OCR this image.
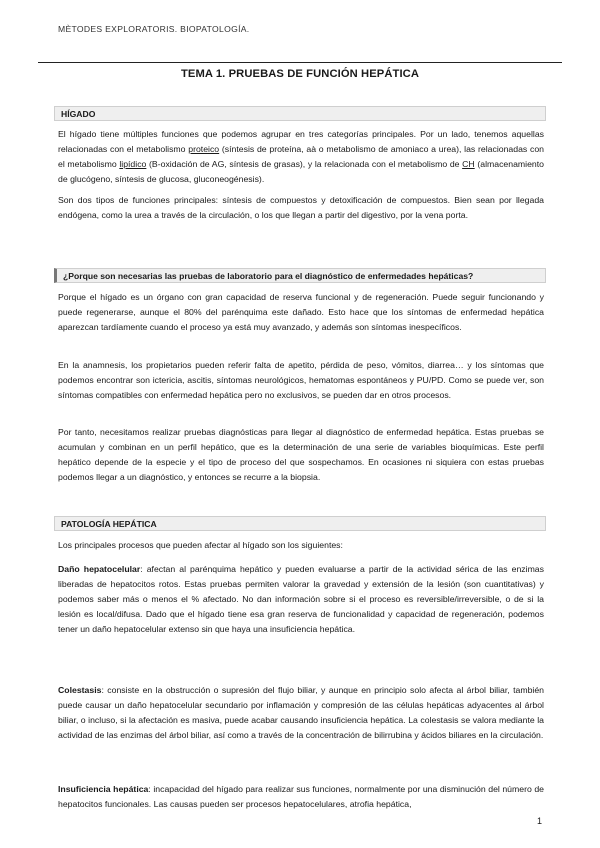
MÈTODES EXPLORATORIS. BIOPATOLOGÍA.
TEMA 1. PRUEBAS DE FUNCIÓN HEPÁTICA
HÍGADO

El hígado tiene múltiples funciones que podemos agrupar en tres categorías principales. Por un lado, tenemos aquellas relacionadas con el metabolismo proteico (síntesis de proteína, aà o metabolismo de amoniaco a urea), las relacionadas con el metabolismo lipídico (B-oxidación de AG, síntesis de grasas), y la relacionada con el metabolismo de CH (almacenamiento de glucógeno, síntesis de glucosa, gluconeogénesis).

Son dos tipos de funciones principales: síntesis de compuestos y detoxificación de compuestos. Bien sean por llegada endógena, como la urea a través de la circulación, o los que llegan a partir del digestivo, por la vena porta.

¿Porque son necesarias las pruebas de laboratorio para el diagnóstico de enfermedades hepáticas?

Porque el hígado es un órgano con gran capacidad de reserva funcional y de regeneración. Puede seguir funcionando y puede regenerarse, aunque el 80% del parénquima este dañado. Esto hace que los síntomas de enfermedad hepática aparezcan tardíamente cuando el proceso ya está muy avanzado, y además son síntomas inespecíficos.

En la anamnesis, los propietarios pueden referir falta de apetito, pérdida de peso, vómitos, diarrea… y los síntomas que podemos encontrar son ictericia, ascitis, síntomas neurológicos, hematomas espontáneos y PU/PD. Como se puede ver, son síntomas compatibles con enfermedad hepática pero no exclusivos, se pueden dar en otros procesos.

Por tanto, necesitamos realizar pruebas diagnósticas para llegar al diagnóstico de enfermedad hepática. Estas pruebas se acumulan y combinan en un perfil hepático, que es la determinación de una serie de variables bioquímicas. Este perfil hepático depende de la especie y el tipo de proceso del que sospechamos. En ocasiones ni siquiera con estas pruebas podemos llegar a un diagnóstico, y entonces se recurre a la biopsia.

PATOLOGÍA HEPÁTICA

Los principales procesos que pueden afectar al hígado son los siguientes:

Daño hepatocelular: afectan al parénquima hepático y pueden evaluarse a partir de la actividad sérica de las enzimas liberadas de hepatocitos rotos. Estas pruebas permiten valorar la gravedad y extensión de la lesión (son cuantitativas) y podemos saber más o menos el % afectado. No dan información sobre si el proceso es reversible/irreversible, o de si la lesión es local/difusa. Dado que el hígado tiene esa gran reserva de funcionalidad y capacidad de regeneración, podemos tener un daño hepatocelular extenso sin que haya una insuficiencia hepática.

Colestasis: consiste en la obstrucción o supresión del flujo biliar, y aunque en principio solo afecta al árbol biliar, también puede causar un daño hepatocelular secundario por inflamación y compresión de las células hepáticas adyacentes al árbol biliar, o incluso, si la afectación es masiva, puede acabar causando insuficiencia hepática. La colestasis se valora mediante la actividad de las enzimas del árbol biliar, así como a través de la concentración de bilirrubina y ácidos biliares en la circulación.

Insuficiencia hepática: incapacidad del hígado para realizar sus funciones, normalmente por una disminución del número de hepatocitos funcionales. Las causas pueden ser procesos hepatocelulares, atrofia hepática,

1
